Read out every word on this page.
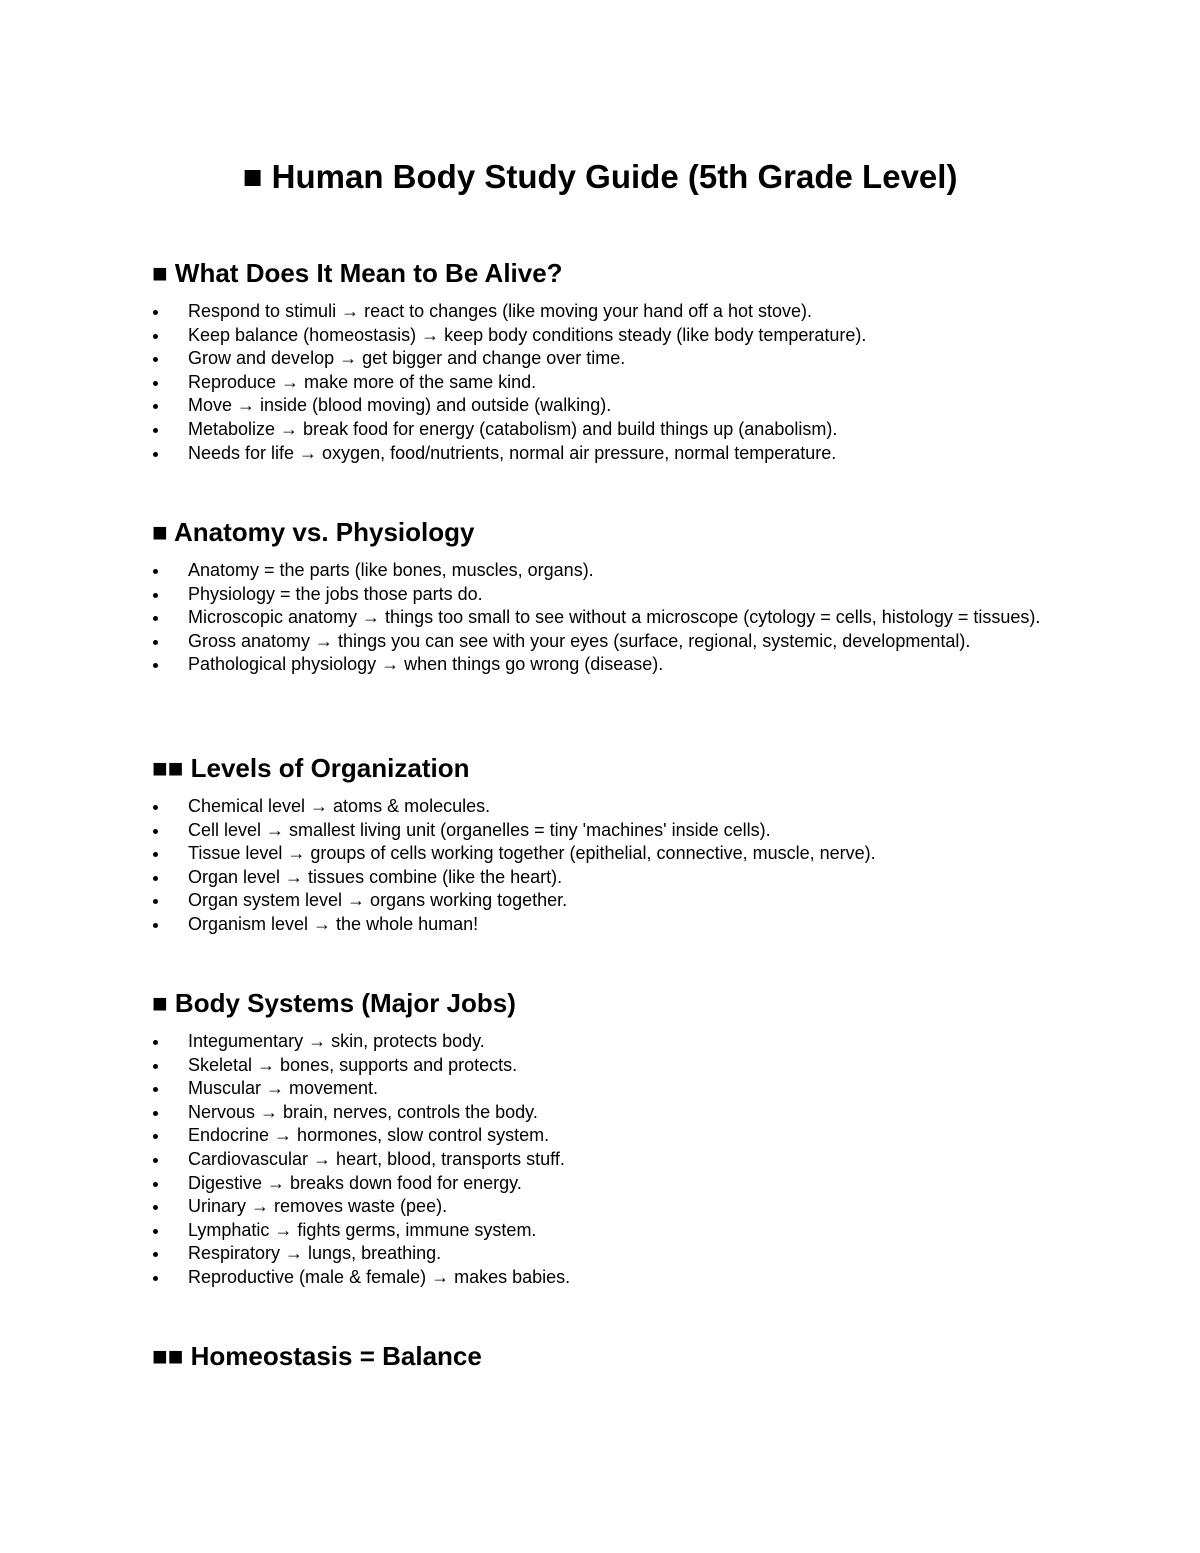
■ Human Body Study Guide (5th Grade Level)
■ What Does It Mean to Be Alive?
Respond to stimuli → react to changes (like moving your hand off a hot stove).
Keep balance (homeostasis) → keep body conditions steady (like body temperature).
Grow and develop → get bigger and change over time.
Reproduce → make more of the same kind.
Move → inside (blood moving) and outside (walking).
Metabolize → break food for energy (catabolism) and build things up (anabolism).
Needs for life → oxygen, food/nutrients, normal air pressure, normal temperature.
■ Anatomy vs. Physiology
Anatomy = the parts (like bones, muscles, organs).
Physiology = the jobs those parts do.
Microscopic anatomy → things too small to see without a microscope (cytology = cells, histology = tissues).
Gross anatomy → things you can see with your eyes (surface, regional, systemic, developmental).
Pathological physiology → when things go wrong (disease).
■■ Levels of Organization
Chemical level → atoms & molecules.
Cell level → smallest living unit (organelles = tiny 'machines' inside cells).
Tissue level → groups of cells working together (epithelial, connective, muscle, nerve).
Organ level → tissues combine (like the heart).
Organ system level → organs working together.
Organism level → the whole human!
■ Body Systems (Major Jobs)
Integumentary → skin, protects body.
Skeletal → bones, supports and protects.
Muscular → movement.
Nervous → brain, nerves, controls the body.
Endocrine → hormones, slow control system.
Cardiovascular → heart, blood, transports stuff.
Digestive → breaks down food for energy.
Urinary → removes waste (pee).
Lymphatic → fights germs, immune system.
Respiratory → lungs, breathing.
Reproductive (male & female) → makes babies.
■■ Homeostasis = Balance
